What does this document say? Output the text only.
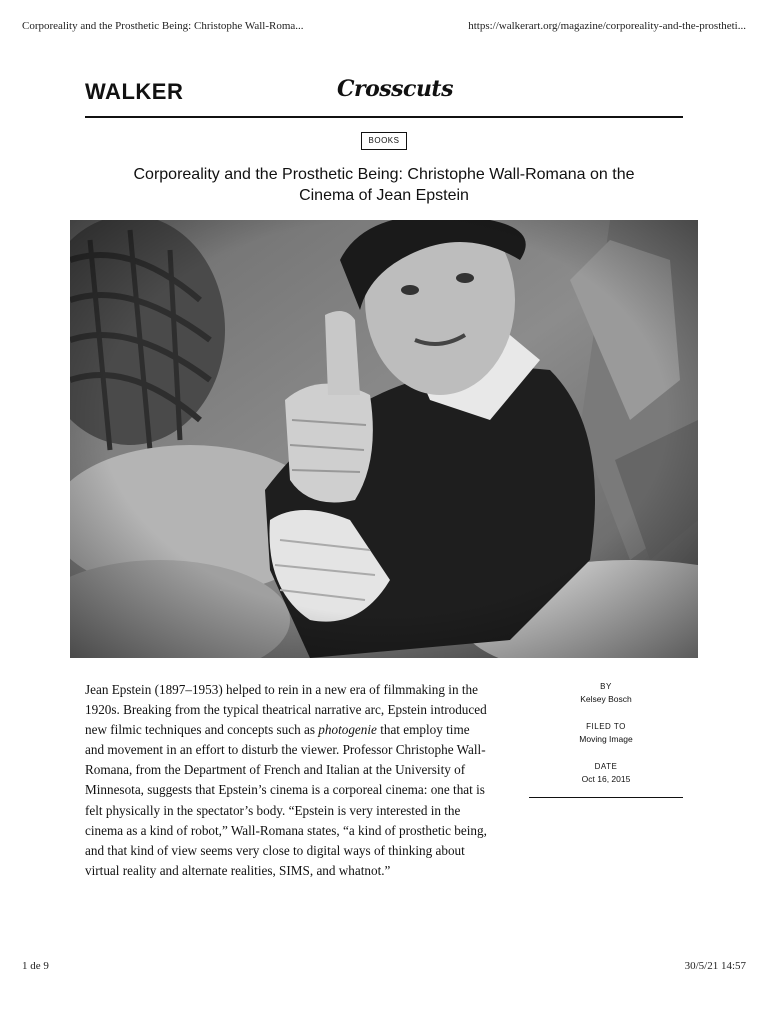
Corporeality and the Prosthetic Being: Christophe Wall-Roma...	https://walkerart.org/magazine/corporeality-and-the-prostheti...
WALKER	Crosscuts
BOOKS
Corporeality and the Prosthetic Being: Christophe Wall-Romana on the Cinema of Jean Epstein
Jean Epstein (1897–1953) helped to rein in a new era of filmmaking in the 1920s. Breaking from the typical theatrical narrative arc, Epstein introduced new filmic techniques and concepts such as photogenie that employ time and movement in an effort to disturb the viewer. Professor Christophe Wall-Romana, from the Department of French and Italian at the University of Minnesota, suggests that Epstein’s cinema is a corporeal cinema: one that is felt physically in the spectator’s body. “Epstein is very interested in the cinema as a kind of robot,” Wall-Romana states, “a kind of prosthetic being, and that kind of view seems very close to digital ways of thinking about virtual reality and alternate realities, SIMS, and whatnot.”
BY
Kelsey Bosch
FILED TO
Moving Image
DATE
Oct 16, 2015
1 de 9	30/5/21 14:57
